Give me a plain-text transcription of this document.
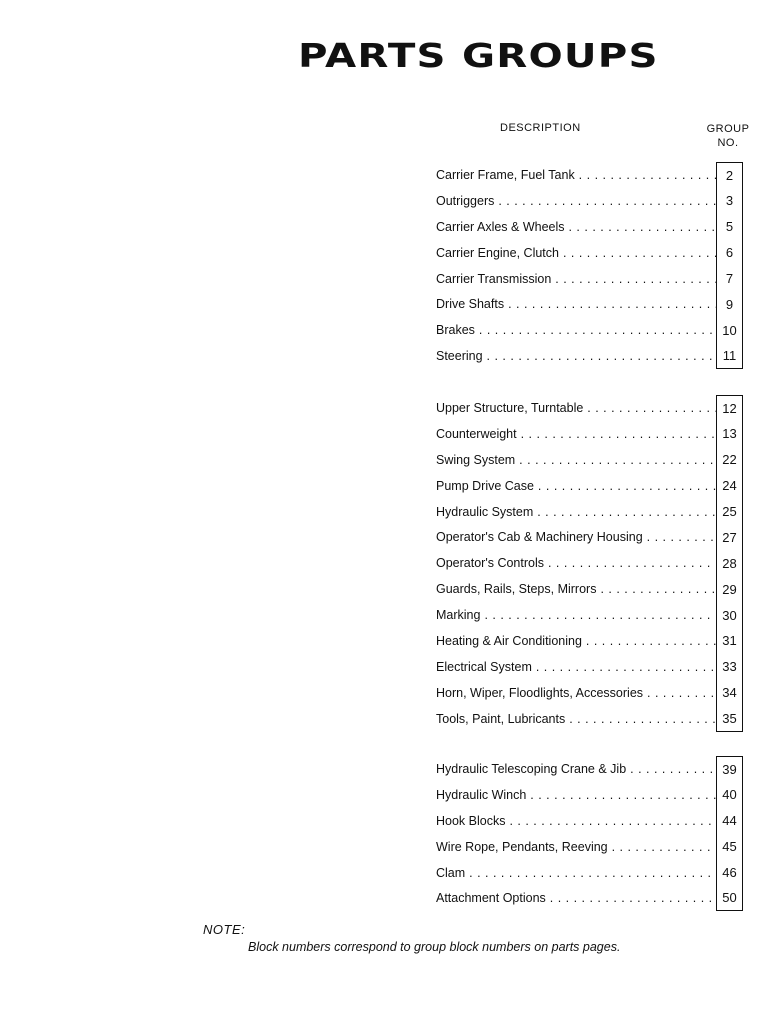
PARTS GROUPS
DESCRIPTION	GROUP
NO.
Carrier Frame, Fuel Tank . . .	2
Outriggers . . .	3
Carrier Axles & Wheels . . .	5
Carrier Engine, Clutch . . .	6
Carrier Transmission . . .	7
Drive Shafts . . .	9
Brakes . . .	10
Steering . . .	11
Upper Structure, Turntable . . .	12
Counterweight . . .	13
Swing System . . .	22
Pump Drive Case . . .	24
Hydraulic System . . .	25
Operator's Cab & Machinery Housing . . .	27
Operator's Controls . . .	28
Guards, Rails, Steps, Mirrors . . .	29
Marking . . .	30
Heating & Air Conditioning . . .	31
Electrical System . . .	33
Horn, Wiper, Floodlights, Accessories . . .	34
Tools, Paint, Lubricants . . .	35
Hydraulic Telescoping Crane & Jib . . .	39
Hydraulic Winch . . .	40
Hook Blocks . . .	44
Wire Rope, Pendants, Reeving . . .	45
Clam . . .	46
Attachment Options . . .	50
NOTE:
Block numbers correspond to group block numbers on parts pages.
